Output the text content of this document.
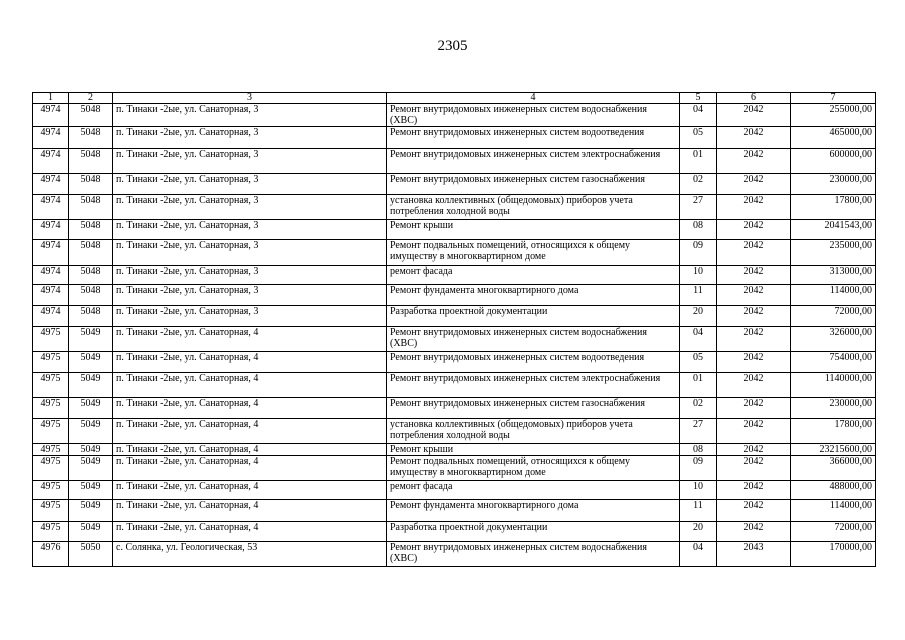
2305
1	2	3	4	5	6	7
4974	5048	п. Тинаки -2ые, ул. Санаторная, 3	Ремонт внутридомовых инженерных систем водоснабжения (ХВС)	04	2042	255000,00
4974	5048	п. Тинаки -2ые, ул. Санаторная, 3	Ремонт внутридомовых инженерных систем водоотведения	05	2042	465000,00
4974	5048	п. Тинаки -2ые, ул. Санаторная, 3	Ремонт внутридомовых инженерных систем электроснабжения	01	2042	600000,00
4974	5048	п. Тинаки -2ые, ул. Санаторная, 3	Ремонт внутридомовых инженерных систем газоснабжения	02	2042	230000,00
4974	5048	п. Тинаки -2ые, ул. Санаторная, 3	установка коллективных (общедомовых) приборов учета потребления холодной воды	27	2042	17800,00
4974	5048	п. Тинаки -2ые, ул. Санаторная, 3	Ремонт крыши	08	2042	2041543,00
4974	5048	п. Тинаки -2ые, ул. Санаторная, 3	Ремонт подвальных помещений, относящихся к общему имуществу в многоквартирном доме	09	2042	235000,00
4974	5048	п. Тинаки -2ые, ул. Санаторная, 3	ремонт фасада	10	2042	313000,00
4974	5048	п. Тинаки -2ые, ул. Санаторная, 3	Ремонт фундамента многоквартирного дома	11	2042	114000,00
4974	5048	п. Тинаки -2ые, ул. Санаторная, 3	Разработка проектной документации	20	2042	72000,00
4975	5049	п. Тинаки -2ые, ул. Санаторная, 4	Ремонт внутридомовых инженерных систем водоснабжения (ХВС)	04	2042	326000,00
4975	5049	п. Тинаки -2ые, ул. Санаторная, 4	Ремонт внутридомовых инженерных систем водоотведения	05	2042	754000,00
4975	5049	п. Тинаки -2ые, ул. Санаторная, 4	Ремонт внутридомовых инженерных систем электроснабжения	01	2042	1140000,00
4975	5049	п. Тинаки -2ые, ул. Санаторная, 4	Ремонт внутридомовых инженерных систем газоснабжения	02	2042	230000,00
4975	5049	п. Тинаки -2ые, ул. Санаторная, 4	установка коллективных (общедомовых) приборов учета потребления холодной воды	27	2042	17800,00
4975	5049	п. Тинаки -2ые, ул. Санаторная, 4	Ремонт крыши	08	2042	23215600,00
4975	5049	п. Тинаки -2ые, ул. Санаторная, 4	Ремонт подвальных помещений, относящихся к общему имуществу в многоквартирном доме	09	2042	366000,00
4975	5049	п. Тинаки -2ые, ул. Санаторная, 4	ремонт фасада	10	2042	488000,00
4975	5049	п. Тинаки -2ые, ул. Санаторная, 4	Ремонт фундамента многоквартирного дома	11	2042	114000,00
4975	5049	п. Тинаки -2ые, ул. Санаторная, 4	Разработка проектной документации	20	2042	72000,00
4976	5050	с. Солянка, ул. Геологическая, 53	Ремонт внутридомовых инженерных систем водоснабжения (ХВС)	04	2043	170000,00
